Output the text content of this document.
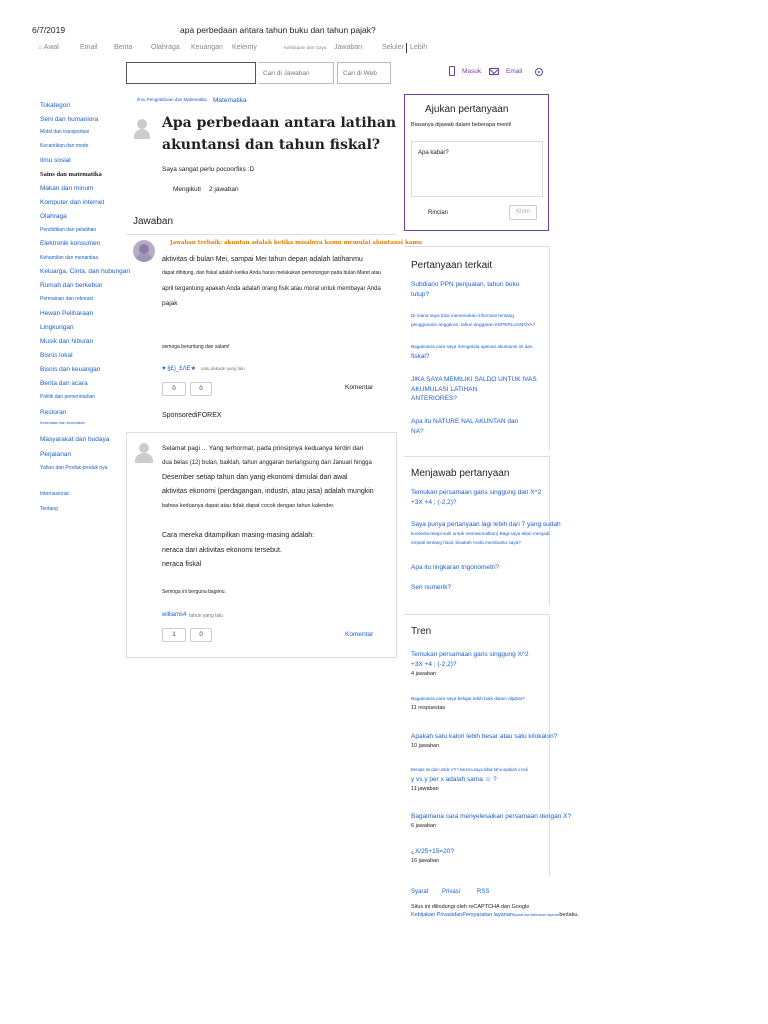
6/7/2019	apa perbedaan antara tahun buku dan tahun pajak?
⌂ Awal	Email Berita	Olahraga Keuangan Keleirity	Kehidupan dan Gaya Jawaban	Seluler Lebih
Cari di Jawaban	Cari di Web	Masuk	Email
Tokategori
Seni dan humaniora
Mobil dan transportasi
Kecantikan dan mode
Ilmu sosial
Sains dan matematika
Makan dan minum
Komputer dan internet
Olahraga
Pendidikan dan pelatihan
Elektronik konsumen
Kehamilan dan menantiaa
Keluarga, Cinta, dan hubungan
Rumah dan berkebun
Permainan dan rekreasi
Hewan Peliharaan
Lingkungan
Musik dan hiburan
Bisnis lokal
Bisnis dan keuangan
Berita dan acara
Politik dan pemerintahan
Restoran
Kesehatan dan kecantikan
Masyarakat dan budaya
Perjalanan
Yahoo dan Produk-produk nya
Internasional
Tentang
Ilmu Pengetahuan dan Matematika Matematika
Apa perbedaan antara latihan
akuntansi dan tahun fiskal?
Saya sangat perlu pocoorfiks :D
Mengikuti 2 jawaban
Jawaban
Jawaban terbaik: akuntan adalah ketika misalnya kamu memulai akuntansi kamu
aktivitas di bulan Mei, sampai Mei tahun depan adalah latihanmu
dapat dihitung, dan fiskal adalah ketika Anda harus melakukan pemotongan pada bulan Maret atau
april tergantung apakah Anda adalah orang fisik atau moral untuk membayar Anda
pajak
semoga beruntung dan salam!
♥ §£)_£ΛE★ satu dekade yang lalu
0	0	Komentar
SponsorediFOREX
Selamat pagi ... Yang terhormat, pada prinsipnya keduanya terdiri dari
dua belas (12) bulan, baiklah, tahun anggaran berlangsung dari Januari hingga
Desember setiap tahun dan yang ekonomi dimulai dari awal
aktivitas ekonomi (perdagangan, industri, atau jasa) adalah mungkin
bahwa keduanya dapat atau tidak dapat cocok dengan tahun kalender.
Cara mereka ditampilkan masing-masing adalah:
neraca dari aktivitas ekonomi tersebut.
neraca fiskal
Semoga ini berguna bagimu.
williams4 tahun yang lalu
1	0	Komentar
Ajukan pertanyaan
Biasanya dijawab dalam beberapa menit!
Apa kabar?
Rincian	Kirim
Pertanyaan terkait
Subdiario PPN penjualan, tahun buku
tutup?
Di mana saya bisa menemukan informasi tentang
penggunaan anggaran, tahun anggaran KEPERLUANNYA?
Bagaimana cara saya mengelola operasi akuntansi ini dan
fiskal?
JIKA SAYA MEMILIKI SALDO UNTUK IVAS
AKUMULASI LATIHAN
ANTERIORES?
Apa itu NATURE NAL AKUNTAN dan
NA?
Menjawab pertanyaan
Temukan persamaan garis singgung dari X^2
+3X +4 ; (-2,2)?
Saya punya pertanyaan lagi lebih dari 7 yang sudah
kontoeta tetapi sulit untuk memisionalkan) Bagi saya akan menjadi
empati tentang hasil, bisakah Anda membantu saya?
Apa itu lingkaran trigonometri?
Seri numerik?
Tren
Temukan persamaan garis singgung X^2
+3X +4 ; (-2,2)?
4 jawaban
Bagaimana cara saya belajar lebih baik dalam aljabar?
11 respuestas
Apakah satu kalori lebih besar atau satu kilokalori?
10 jawaban
Berapa itu dan untuk x?!? karena saya tidak tahu apakah x kali
y vs y per x adalah sama ☺ ?
11 jawaban
Bagaimana cara menyelesaikan persamaan dengan X?
6 jawaban
¿X/25+15=20?
16 jawaban
Syarat Privasi	RSS
Situs ini dilindungi oleh reCAPTCHA dan Google
Kebijakan PrivasidanPersyaratan layananSyarat dan ketentuan layananberlaku.
